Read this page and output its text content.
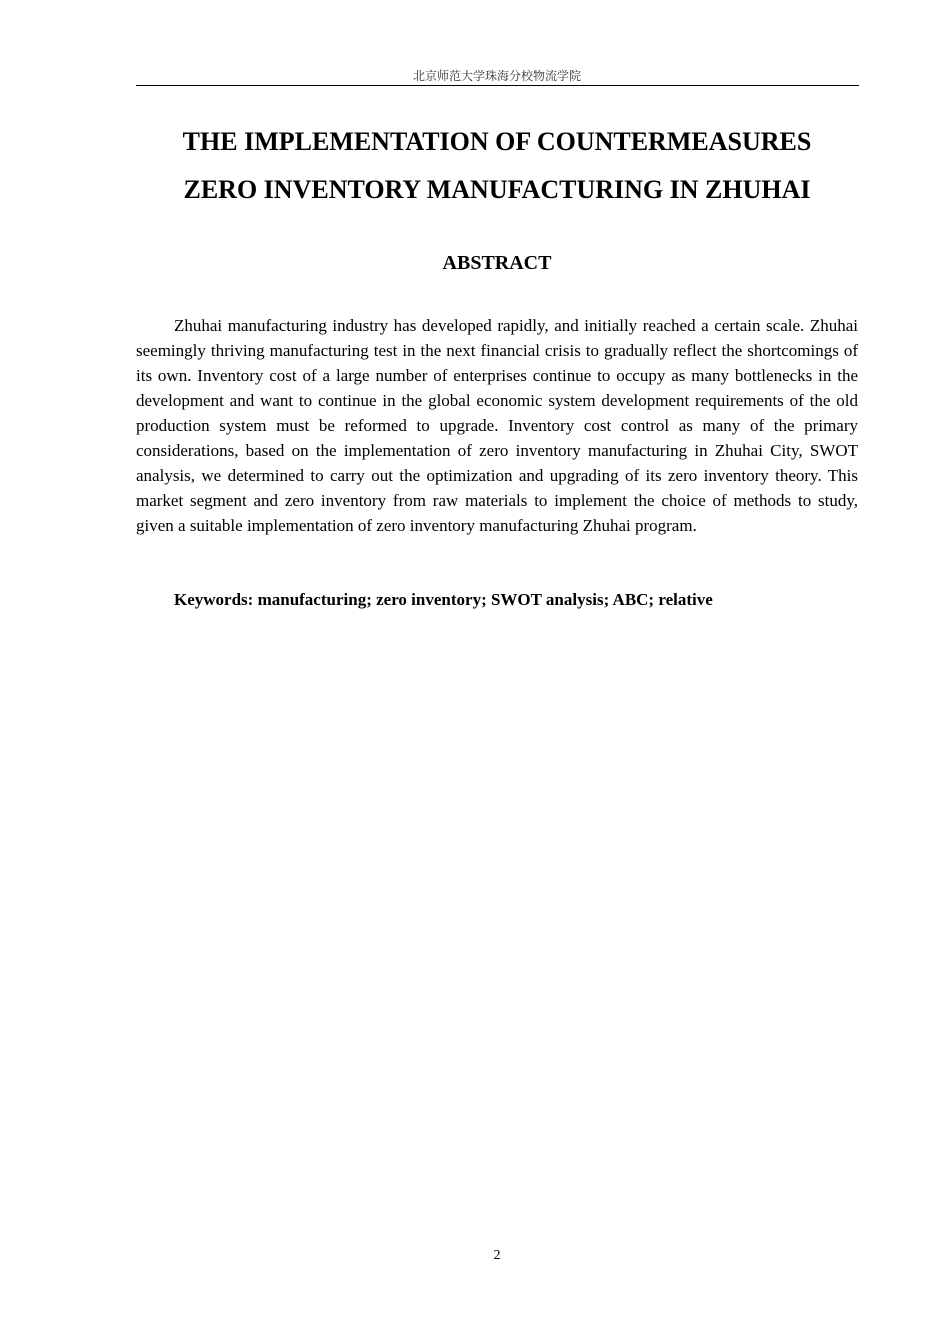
北京师范大学珠海分校物流学院
THE IMPLEMENTATION OF COUNTERMEASURES
ZERO INVENTORY MANUFACTURING IN ZHUHAI
ABSTRACT

Zhuhai manufacturing industry has developed rapidly, and initially reached a certain scale. Zhuhai seemingly thriving manufacturing test in the next financial crisis to gradually reflect the shortcomings of its own. Inventory cost of a large number of enterprises continue to occupy as many bottlenecks in the development and want to continue in the global economic system development requirements of the old production system must be reformed to upgrade. Inventory cost control as many of the primary considerations, based on the implementation of zero inventory manufacturing in Zhuhai City, SWOT analysis, we determined to carry out the optimization and upgrading of its zero inventory theory. This market segment and zero inventory from raw materials to implement the choice of methods to study, given a suitable implementation of zero inventory manufacturing Zhuhai program.

Keywords: manufacturing; zero inventory; SWOT analysis; ABC; relative

2
